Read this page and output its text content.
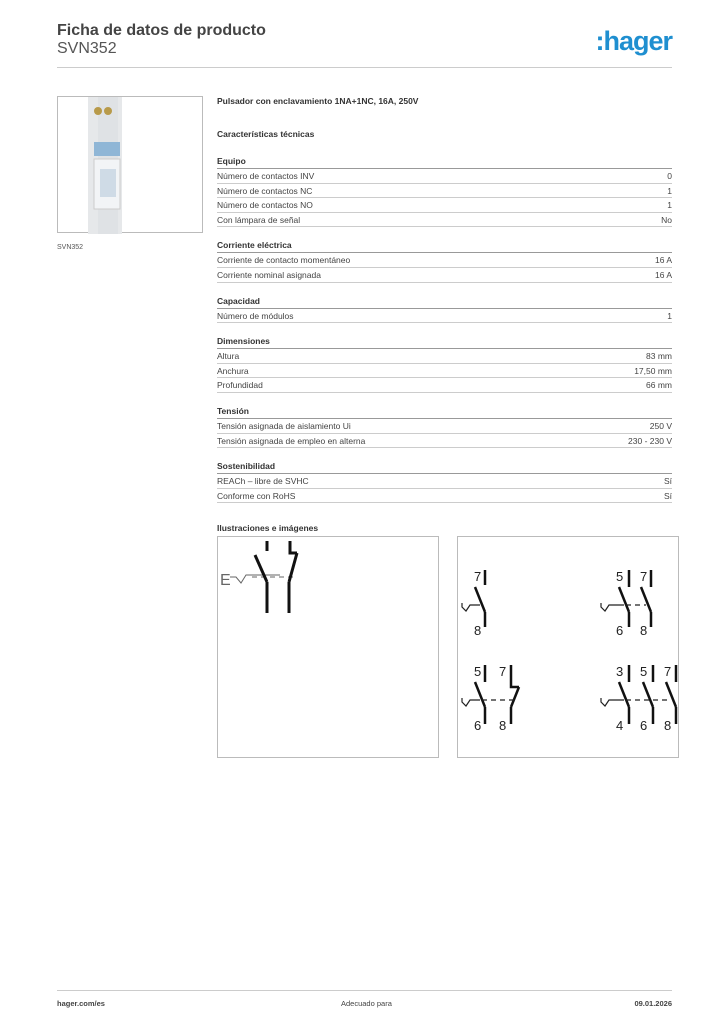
Ficha de datos de producto
SVN352	:hager
SVN352
Pulsador con enclavamiento 1NA+1NC, 16A, 250V
Características técnicas
Equipo
Número de contactos INV	0
Número de contactos NC	1
Número de contactos NO	1
Con lámpara de señal	No
Corriente eléctrica
Corriente de contacto momentáneo	16 A
Corriente nominal asignada	16 A
Capacidad
Número de módulos	1
Dimensiones
Altura	83 mm
Anchura	17,50 mm
Profundidad	66 mm
Tensión
Tensión asignada de aislamiento Ui	250 V
Tensión asignada de empleo en alterna	230 - 230 V
Sostenibilidad
REACh – libre de SVHC	Sí
Conforme con RoHS	Sí
Ilustraciones e imágenes
E	7
8
5 7
6 8
5 7
6 8
3 5 7
4 6 8
hager.com/es	Adecuado para	09.01.2026
